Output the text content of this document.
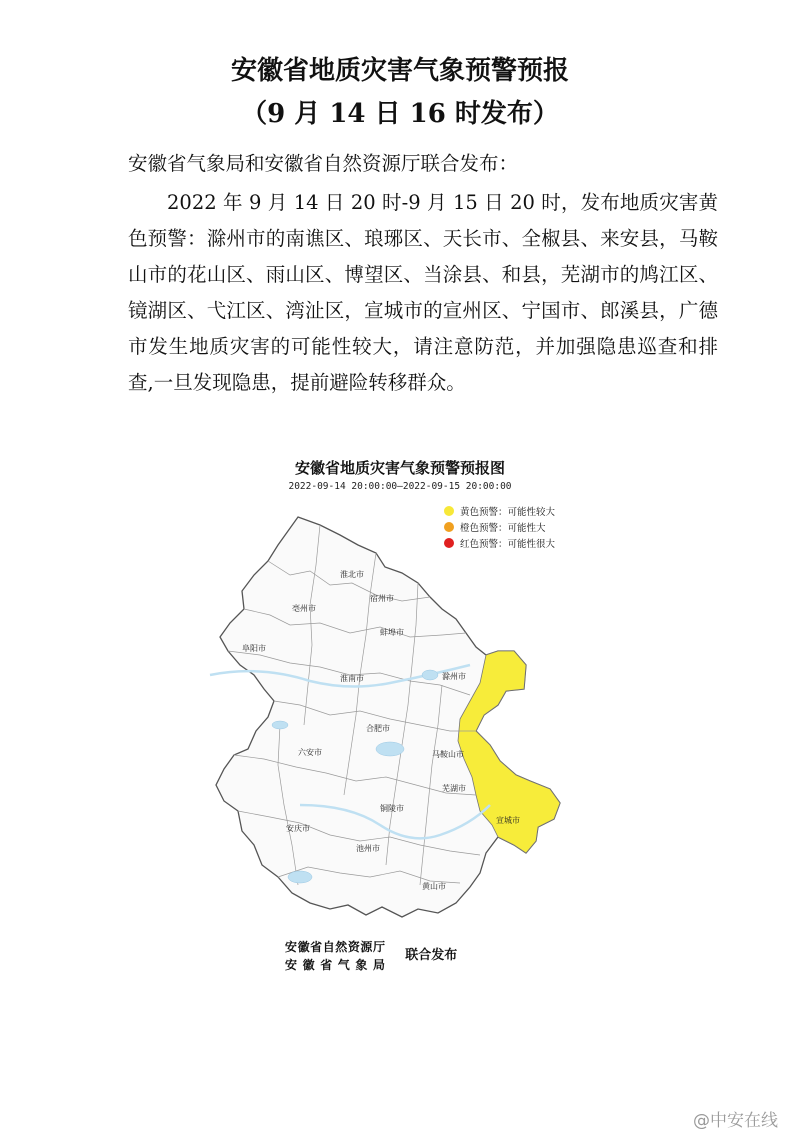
安徽省地质灾害气象预警预报
（9 月 14 日 16 时发布）
安徽省气象局和安徽省自然资源厅联合发布：
2022 年 9 月 14 日 20 时-9 月 15 日 20 时，发布地质灾害黄色预警：滁州市的南谯区、琅琊区、天长市、全椒县、来安县，马鞍山市的花山区、雨山区、博望区、当涂县、和县，芜湖市的鸠江区、镜湖区、弋江区、湾沚区，宣城市的宣州区、宁国市、郎溪县，广德市发生地质灾害的可能性较大，请注意防范，并加强隐患巡查和排查,一旦发现隐患，提前避险转移群众。
安徽省地质灾害气象预警预报图
2022-09-14 20:00:00—2022-09-15 20:00:00
宿州市
亳州市
淮北市
蚌埠市
阜阳市
淮南市	滁州市
合肥市
六安市	马鞍山市
芜湖市
铜陵市
安庆市
池州市
宣城市
黄山市
黄色预警：可能性较大
橙色预警：可能性大
红色预警：可能性很大
安徽省自然资源厅
安徽省气象局
联合发布
@中安在线
